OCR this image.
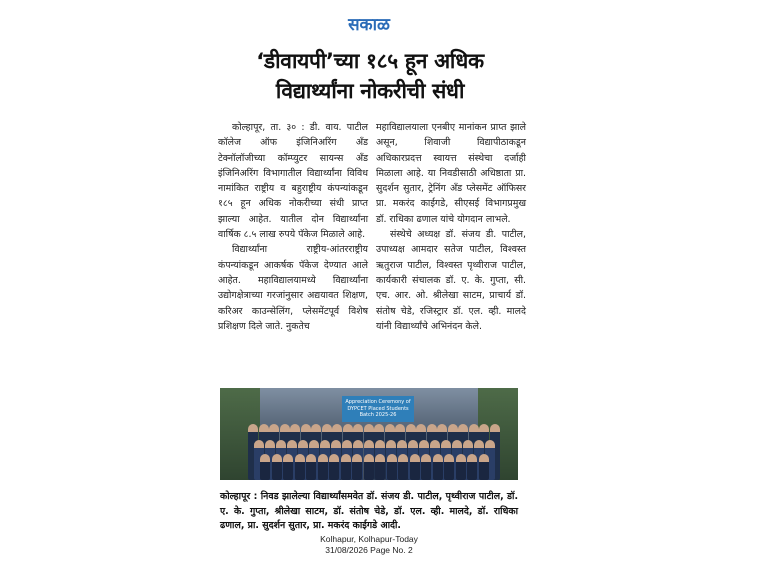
सकाळ
‘डीवायपी’च्या १८५ हून अधिक
विद्यार्थ्यांना नोकरीची संधी

कोल्हापूर, ता. ३० : डी. वाय. पाटील कॉलेज ऑफ इंजिनिअरिंग अँड टेक्नॉलॉजीच्या कॉम्प्युटर सायन्स अँड इंजिनिअरिंग विभागातील विद्यार्थ्यांना विविध नामांकित राष्ट्रीय व बहुराष्ट्रीय कंपन्यांकडून १८५ हून अधिक नोकरीच्या संधी प्राप्त झाल्या आहेत. यातील दोन विद्यार्थ्यांना वार्षिक ८.५ लाख रुपये पॅकेज मिळाले आहे.

विद्यार्थ्यांना राष्ट्रीय-आंतरराष्ट्रीय कंपन्यांकडून आकर्षक पॅकेज देण्यात आले आहेत. महाविद्यालयामध्ये विद्यार्थ्यांना उद्योगक्षेत्राच्या गरजांनुसार अद्ययावत शिक्षण, करिअर काउन्सेलिंग, प्लेसमेंटपूर्व विशेष प्रशिक्षण दिले जाते. नुकतेच

महाविद्यालयाला एनबीए मानांकन प्राप्त झाले असून, शिवाजी विद्यापीठाकडून अधिकारप्रदत्त स्वायत्त संस्थेचा दर्जाही मिळाला आहे. या निवडीसाठी अधिष्ठाता प्रा. सुदर्शन सुतार, ट्रेनिंग अँड प्लेसमेंट ऑफिसर प्रा. मकरंद काईगडे, सीएसई विभागप्रमुख डॉ. राधिका ढणाल यांचे योगदान लाभले.

संस्थेचे अध्यक्ष डॉ. संजय डी. पाटील, उपाध्यक्ष आमदार सतेज पाटील, विश्वस्त ऋतुराज पाटील, विश्वस्त पृथ्वीराज पाटील, कार्यकारी संचालक डॉ. ए. के. गुप्ता, सी. एच. आर. ओ. श्रीलेखा साटम, प्राचार्य डॉ. संतोष चेडे, रजिस्ट्रार डॉ. एल. व्ही. मालदे यांनी विद्यार्थ्यांचे अभिनंदन केले.

Appreciation Ceremony of
DYPCET Placed Students
Batch 2025-26
कोल्हापूर : निवड झालेल्या विद्यार्थ्यांसमवेत डॉ. संजय डी. पाटील, पृथ्वीराज पाटील, डॉ. ए. के. गुप्ता, श्रीलेखा साटम, डॉ. संतोष चेडे, डॉ. एल. व्ही. मालदे, डॉ. राधिका ढणाल, प्रा. सुदर्शन सुतार, प्रा. मकरंद काईगडे आदी.
Kolhapur, Kolhapur-Today
31/08/2026 Page No. 2
